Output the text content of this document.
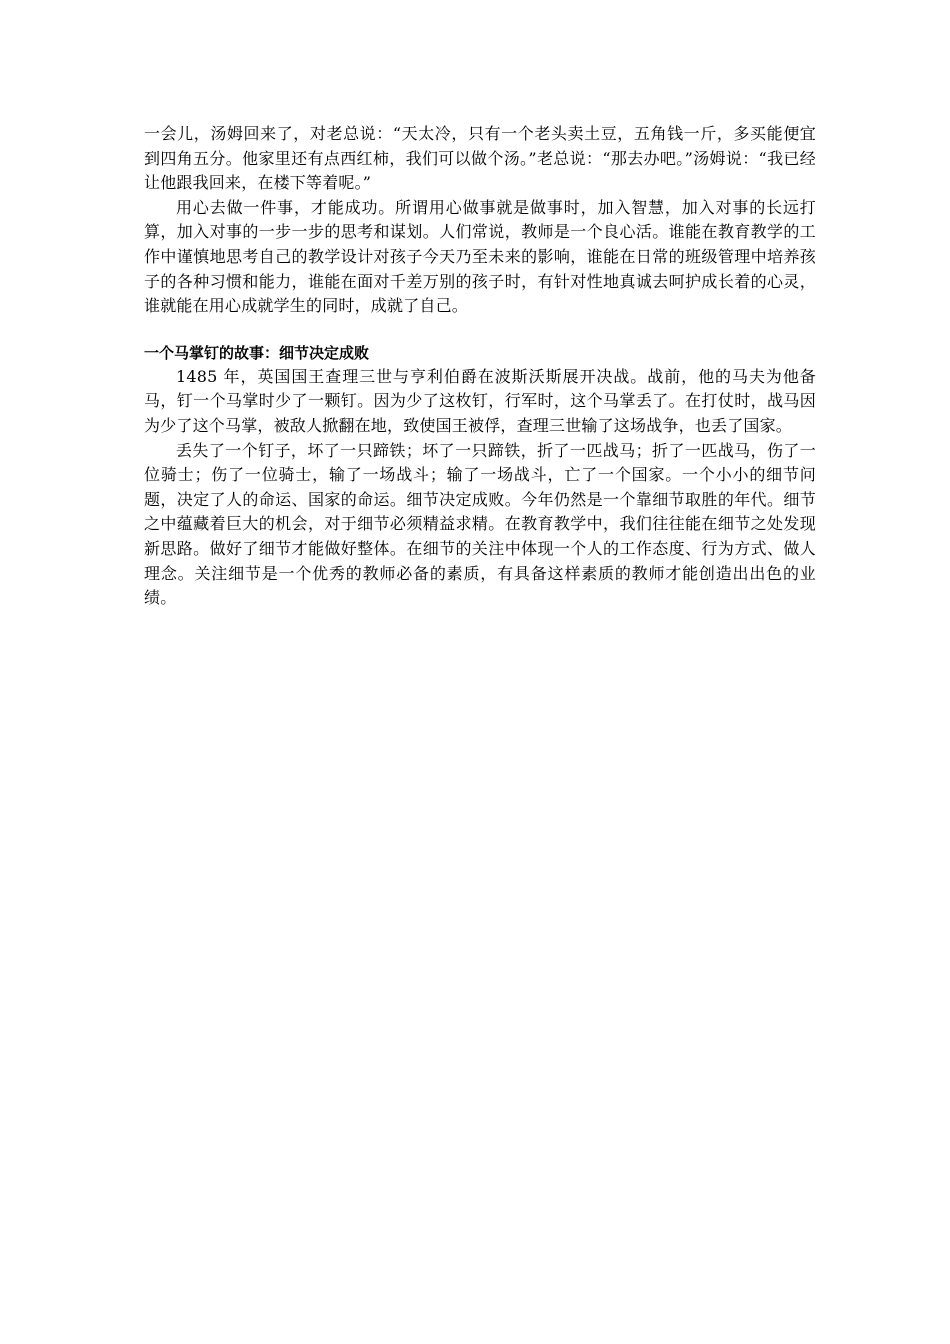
一会儿，汤姆回来了，对老总说：“天太冷，只有一个老头卖土豆，五角钱一斤，多买能便宜到四角五分。他家里还有点西红柿，我们可以做个汤。”老总说：“那去办吧。”汤姆说：“我已经让他跟我回来，在楼下等着呢。”

用心去做一件事，才能成功。所谓用心做事就是做事时，加入智慧，加入对事的长远打算，加入对事的一步一步的思考和谋划。人们常说，教师是一个良心活。谁能在教育教学的工作中谨慎地思考自己的教学设计对孩子今天乃至未来的影响，谁能在日常的班级管理中培养孩子的各种习惯和能力，谁能在面对千差万别的孩子时，有针对性地真诚去呵护成长着的心灵，谁就能在用心成就学生的同时，成就了自己。

一个马掌钉的故事：细节决定成败

1485 年，英国国王查理三世与亨利伯爵在波斯沃斯展开决战。战前，他的马夫为他备马，钉一个马掌时少了一颗钉。因为少了这枚钉，行军时，这个马掌丢了。在打仗时，战马因为少了这个马掌，被敌人掀翻在地，致使国王被俘，查理三世输了这场战争，也丢了国家。

丢失了一个钉子，坏了一只蹄铁；坏了一只蹄铁，折了一匹战马；折了一匹战马，伤了一位骑士；伤了一位骑士，输了一场战斗；输了一场战斗，亡了一个国家。一个小小的细节问题，决定了人的命运、国家的命运。细节决定成败。今年仍然是一个靠细节取胜的年代。细节之中蕴藏着巨大的机会，对于细节必须精益求精。在教育教学中，我们往往能在细节之处发现新思路。做好了细节才能做好整体。在细节的关注中体现一个人的工作态度、行为方式、做人理念。关注细节是一个优秀的教师必备的素质，有具备这样素质的教师才能创造出出色的业绩。
